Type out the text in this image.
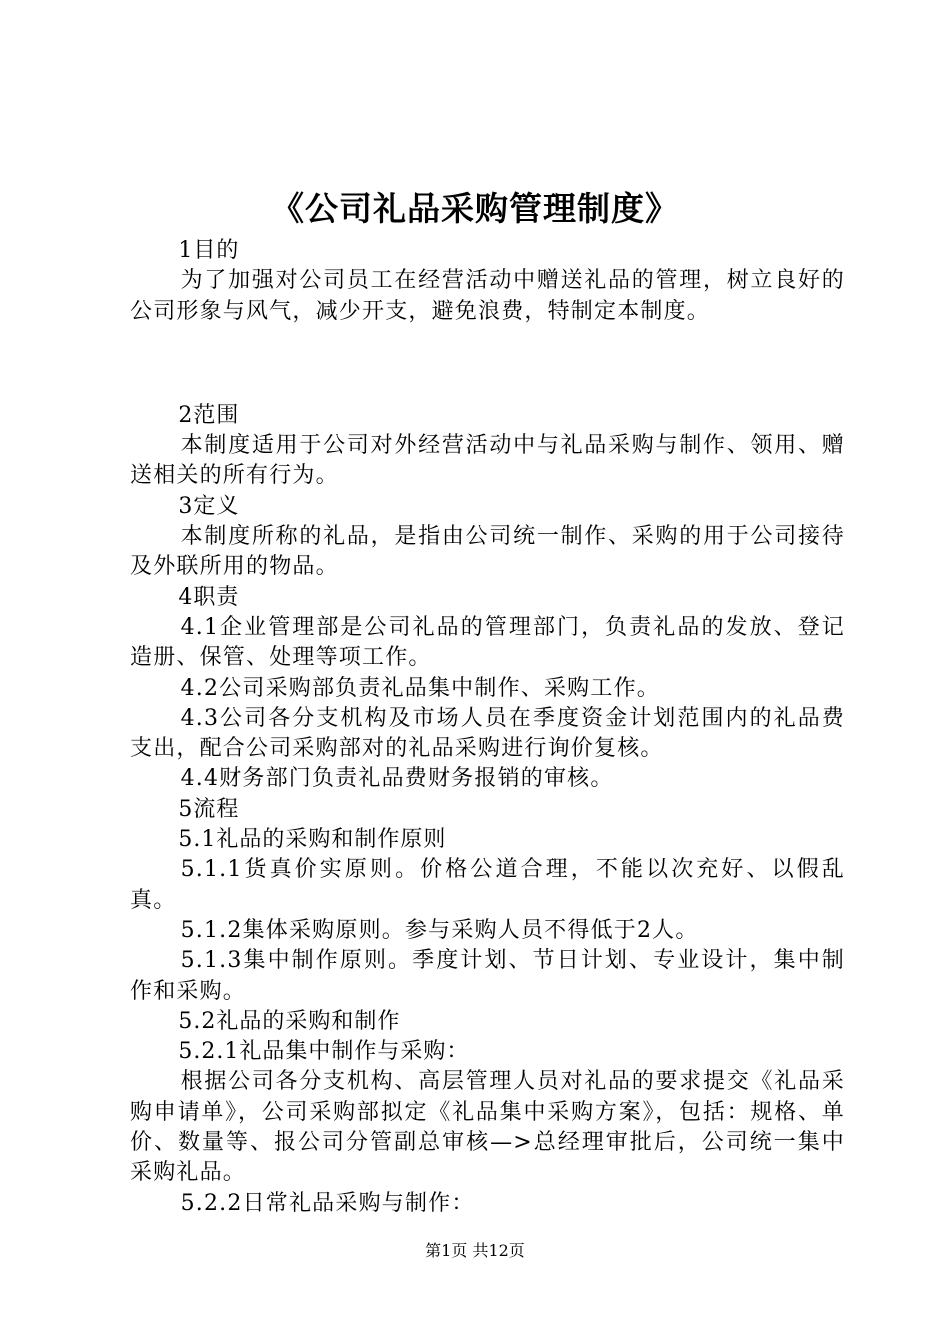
《公司礼品采购管理制度》

1目的

为了加强对公司员工在经营活动中赠送礼品的管理，树立良好的公司形象与风气，减少开支，避免浪费，特制定本制度。

2范围

本制度适用于公司对外经营活动中与礼品采购与制作、领用、赠送相关的所有行为。

3定义

本制度所称的礼品，是指由公司统一制作、采购的用于公司接待及外联所用的物品。

4职责

4.1企业管理部是公司礼品的管理部门，负责礼品的发放、登记造册、保管、处理等项工作。

4.2公司采购部负责礼品集中制作、采购工作。

4.3公司各分支机构及市场人员在季度资金计划范围内的礼品费支出，配合公司采购部对的礼品采购进行询价复核。

4.4财务部门负责礼品费财务报销的审核。

5流程

5.1礼品的采购和制作原则

5.1.1货真价实原则。价格公道合理，不能以次充好、以假乱真。

5.1.2集体采购原则。参与采购人员不得低于2人。

5.1.3集中制作原则。季度计划、节日计划、专业设计，集中制作和采购。

5.2礼品的采购和制作

5.2.1礼品集中制作与采购：

根据公司各分支机构、高层管理人员对礼品的要求提交《礼品采购申请单》，公司采购部拟定《礼品集中采购方案》，包括：规格、单价、数量等、报公司分管副总审核—>总经理审批后，公司统一集中采购礼品。

5.2.2日常礼品采购与制作：

第1页 共12页
